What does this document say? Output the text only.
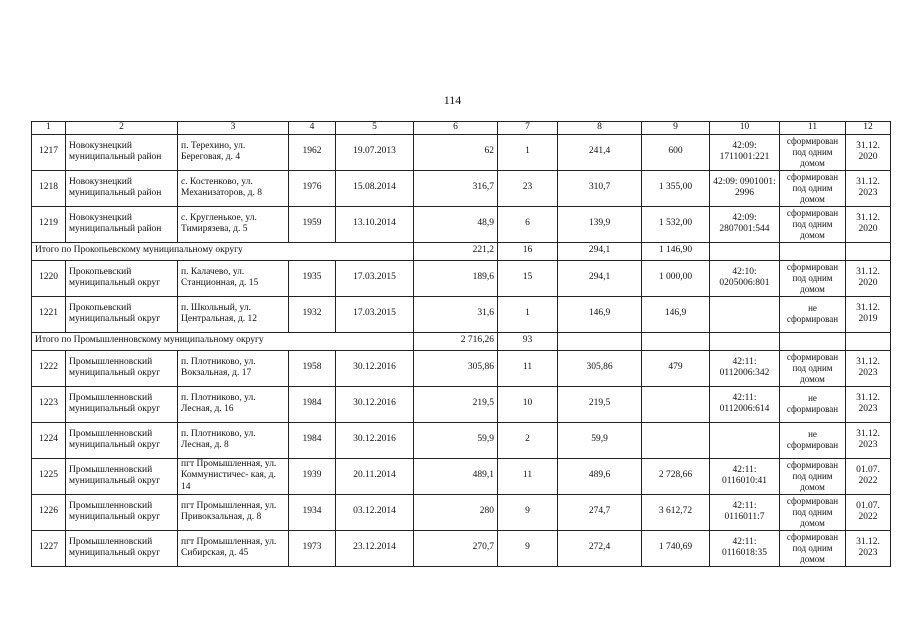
114
1	2	3	4	5	6	7	8	9	10	11	12
1217	Новокузнецкий муниципальный район	п. Терехино, ул. Береговая, д. 4	1962	19.07.2013	62	1	241,4	600	42:09: 1711001:221	сформирован под одним домом	31.12. 2020
1218	Новокузнецкий муниципальный район	с. Костенково, ул. Механизаторов, д. 8	1976	15.08.2014	316,7	23	310,7	1 355,00	42:09: 0901001: 2996	сформирован под одним домом	31.12. 2023
1219	Новокузнецкий муниципальный район	с. Кругленькое, ул. Тимирязева, д. 5	1959	13.10.2014	48,9	6	139,9	1 532,00	42:09: 2807001:544	сформирован под одним домом	31.12. 2020
Итого по Прокопьевскому муниципальному округу					221,2	16	294,1	1 146,90			
1220	Прокопьевский муниципальный округ	п. Калачево, ул. Станционная, д. 15	1935	17.03.2015	189,6	15	294,1	1 000,00	42:10: 0205006:801	сформирован под одним домом	31.12. 2020
1221	Прокопьевский муниципальный округ	п. Школьный, ул. Центральная, д. 12	1932	17.03.2015	31,6	1	146,9	146,9		не сформирован	31.12. 2019
Итого по Промышленновскому муниципальному округу					2 716,26	93					
1222	Промышленновский муниципальный округ	п. Плотниково, ул. Вокзальная, д. 17	1958	30.12.2016	305,86	11	305,86	479	42:11: 0112006:342	сформирован под одним домом	31.12. 2023
1223	Промышленновский муниципальный округ	п. Плотниково, ул. Лесная, д. 16	1984	30.12.2016	219,5	10	219,5		42:11: 0112006:614	не сформирован	31.12. 2023
1224	Промышленновский муниципальный округ	п. Плотниково, ул. Лесная, д. 8	1984	30.12.2016	59,9	2	59,9			не сформирован	31.12. 2023
1225	Промышленновский муниципальный округ	пгт Промышленная, ул. Коммунистичес- кая, д. 14	1939	20.11.2014	489,1	11	489,6	2 728,66	42:11: 0116010:41	сформирован под одним домом	01.07. 2022
1226	Промышленновский муниципальный округ	пгт Промышленная, ул. Привокзальная, д. 8	1934	03.12.2014	280	9	274,7	3 612,72	42:11: 0116011:7	сформирован под одним домом	01.07. 2022
1227	Промышленновский муниципальный округ	пгт Промышленная, ул. Сибирская, д. 45	1973	23.12.2014	270,7	9	272,4	1 740,69	42:11: 0116018:35	сформирован под одним домом	31.12. 2023
